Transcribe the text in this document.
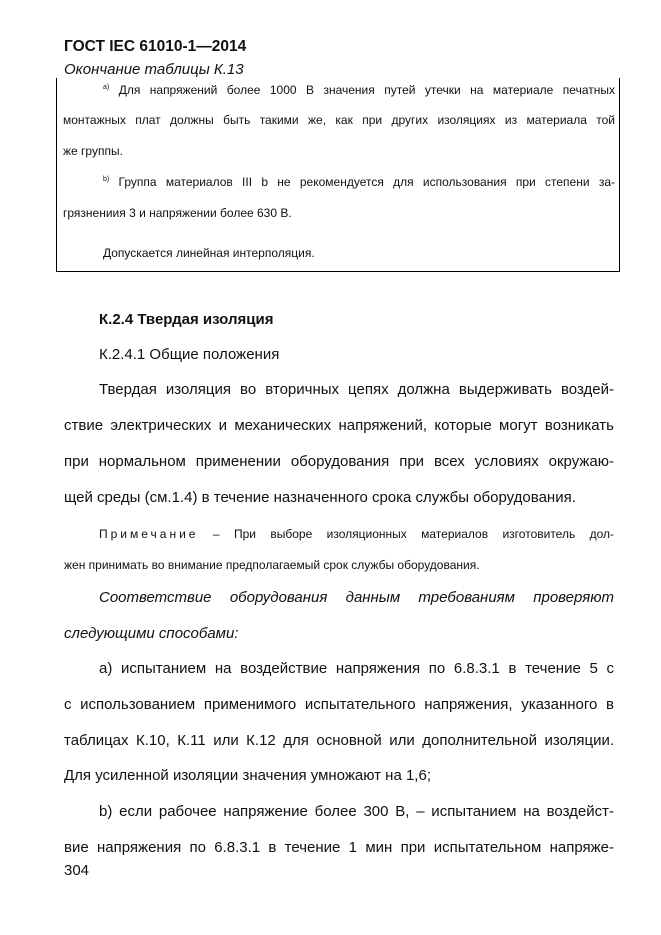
ГОСТ IEC 61010-1—2014
Окончание таблицы К.13
$^{a)}$ Для напряжений более 1000 В значения путей утечки на материале печатных
монтажных плат должны быть такими же, как при других изоляциях из материала той
же группы.
$^{b)}$ Группа материалов III b не рекомендуется для использования при степени за-
грязнениия 3 и напряжении более 630 В.
Допускается линейная интерполяция.
К.2.4 Твердая изоляция
К.2.4.1 Общие положения
Твердая изоляция во вторичных цепях должна выдерживать воздей-
ствие электрических и механических напряжений, которые могут возникать
при нормальном применении оборудования при всех условиях окружаю-
щей среды (см.1.4) в течение назначенного срока службы оборудования.
Примечание – При выборе изоляционных материалов изготовитель дол-
жен принимать во внимание предполагаемый срок службы оборудования.
Соответствие оборудования данным требованиям проверяют
следующими способами:
a) испытанием на воздействие напряжения по 6.8.3.1 в течение 5 с
с использованием применимого испытательного напряжения, указанного в
таблицах К.10, К.11 или К.12 для основной или дополнительной изоляции.
Для усиленной изоляции значения умножают на 1,6;
b) если рабочее напряжение более 300 В, – испытанием на воздейст-
вие напряжения по 6.8.3.1 в течение 1 мин при испытательном напряже-
304
